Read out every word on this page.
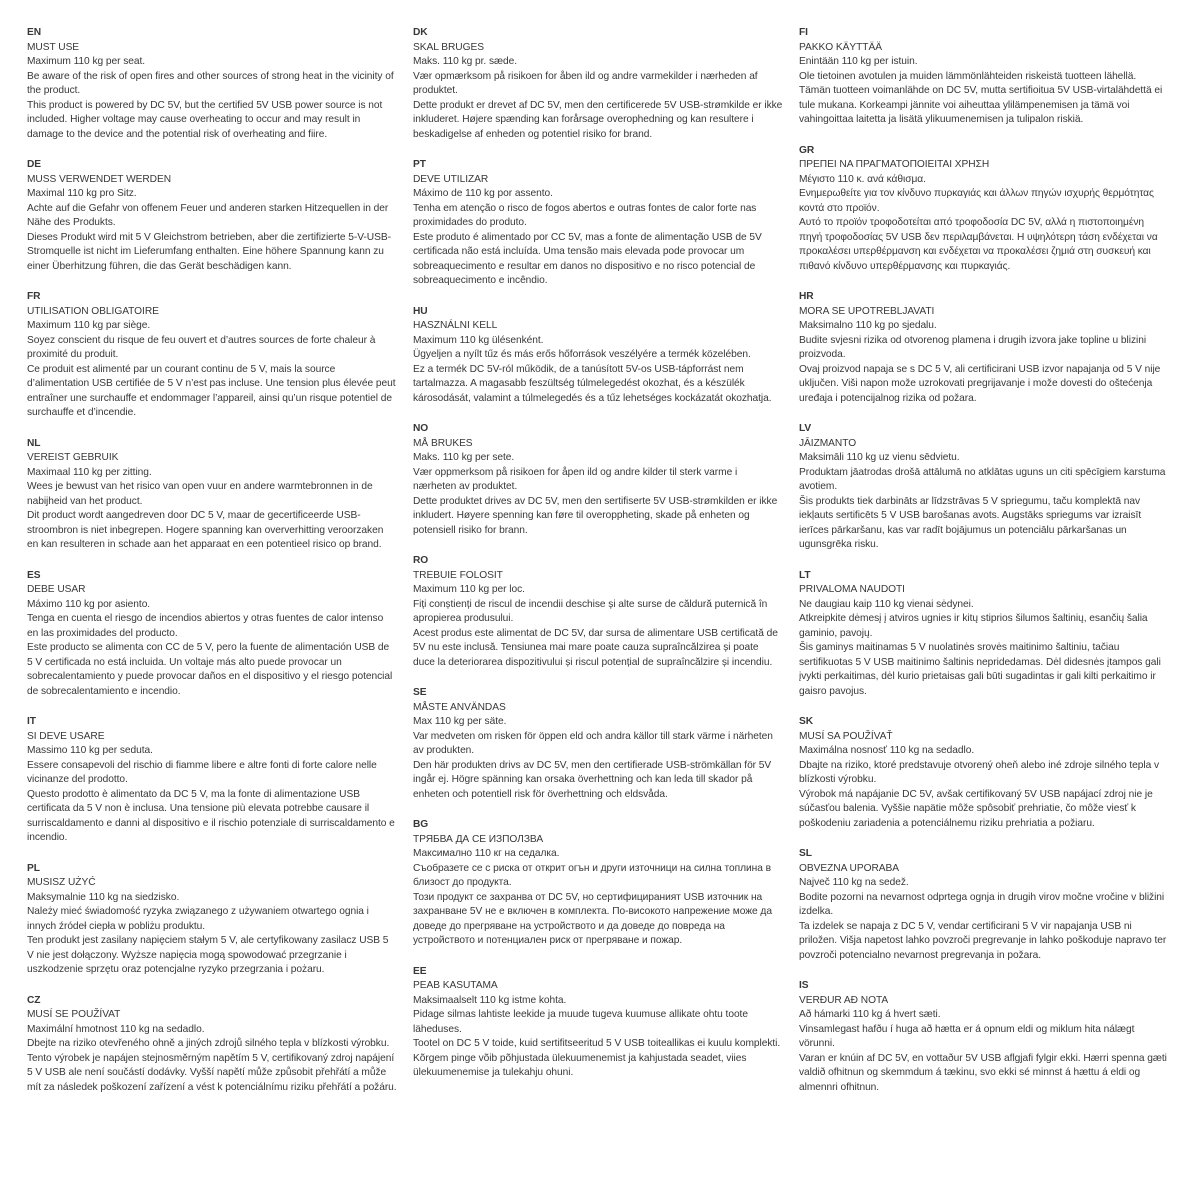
EN
MUST USE

Maximum 110 kg per seat.

Be aware of the risk of open fires and other sources of strong heat in the vicinity of the product.

This product is powered by DC 5V, but the certified 5V USB power source is not included. Higher voltage may cause overheating to occur and may result in damage to the device and the potential risk of overheating and fiire.

DE
MUSS VERWENDET WERDEN

Maximal 110 kg pro Sitz.

Achte auf die Gefahr von offenem Feuer und anderen starken Hitzequellen in der Nähe des Produkts.

Dieses Produkt wird mit 5 V Gleichstrom betrieben, aber die zertifizierte 5-V-USB-Stromquelle ist nicht im Lieferumfang enthalten. Eine höhere Spannung kann zu einer Überhitzung führen, die das Gerät beschädigen kann.

FR
UTILISATION OBLIGATOIRE

Maximum 110 kg par siège.

Soyez conscient du risque de feu ouvert et d’autres sources de forte chaleur à proximité du produit.

Ce produit est alimenté par un courant continu de 5 V, mais la source d’alimentation USB certifiée de 5 V n’est pas incluse. Une tension plus élevée peut entraîner une surchauffe et endommager l’appareil, ainsi qu’un risque potentiel de surchauffe et d’incendie.

NL
VEREIST GEBRUIK

Maximaal 110 kg per zitting.

Wees je bewust van het risico van open vuur en andere warmtebronnen in de nabijheid van het product.

Dit product wordt aangedreven door DC 5 V, maar de gecertificeerde USB-stroombron is niet inbegrepen. Hogere spanning kan oververhitting veroorzaken en kan resulteren in schade aan het apparaat en een potentieel risico op brand.

ES
DEBE USAR

Máximo 110 kg por asiento.

Tenga en cuenta el riesgo de incendios abiertos y otras fuentes de calor intenso en las proximidades del producto.

Este producto se alimenta con CC de 5 V, pero la fuente de alimentación USB de 5 V certificada no está incluida. Un voltaje más alto puede provocar un sobrecalentamiento y puede provocar daños en el dispositivo y el riesgo potencial de sobrecalentamiento e incendio.

IT
SI DEVE USARE

Massimo 110 kg per seduta.

Essere consapevoli del rischio di fiamme libere e altre fonti di forte calore nelle vicinanze del prodotto.

Questo prodotto è alimentato da DC 5 V, ma la fonte di alimentazione USB certificata da 5 V non è inclusa. Una tensione più elevata potrebbe causare il surriscaldamento e danni al dispositivo e il rischio potenziale di surriscaldamento e incendio.

PL
MUSISZ UŻYĆ

Maksymalnie 110 kg na siedzisko.

Należy mieć świadomość ryzyka związanego z używaniem otwartego ognia i innych źródeł ciepła w pobliżu produktu.

Ten produkt jest zasilany napięciem stałym 5 V, ale certyfikowany zasilacz USB 5 V nie jest dołączony. Wyższe napięcia mogą spowodować przegrzanie i uszkodzenie sprzętu oraz potencjalne ryzyko przegrzania i pożaru.

CZ
MUSÍ SE POUŽÍVAT

Maximální hmotnost 110 kg na sedadlo.

Dbejte na riziko otevřeného ohně a jiných zdrojů silného tepla v blízkosti výrobku.

Tento výrobek je napájen stejnosměrným napětím 5 V, certifikovaný zdroj napájení 5 V USB ale není součástí dodávky. Vyšší napětí může způsobit přehřátí a může mít za následek poškození zařízení a vést k potenciálnímu riziku přehřátí a požáru.

DK
SKAL BRUGES

Maks. 110 kg pr. sæde.

Vær opmærksom på risikoen for åben ild og andre varmekilder i nærheden af produktet.

Dette produkt er drevet af DC 5V, men den certificerede 5V USB-strømkilde er ikke inkluderet. Højere spænding kan forårsage overophedning og kan resultere i beskadigelse af enheden og potentiel risiko for brand.

PT
DEVE UTILIZAR

Máximo de 110 kg por assento.

Tenha em atenção o risco de fogos abertos e outras fontes de calor forte nas proximidades do produto.

Este produto é alimentado por CC 5V, mas a fonte de alimentação USB de 5V certificada não está incluída. Uma tensão mais elevada pode provocar um sobreaquecimento e resultar em danos no dispositivo e no risco potencial de sobreaquecimento e incêndio.

HU
HASZNÁLNI KELL

Maximum 110 kg ülésenként.

Ügyeljen a nyílt tűz és más erős hőforrások veszélyére a termék közelében.

Ez a termék DC 5V-ról működik, de a tanúsított 5V-os USB-tápforrást nem tartalmazza. A magasabb feszültség túlmelegedést okozhat, és a készülék károsodását, valamint a túlmelegedés és a tűz lehetséges kockázatát okozhatja.

NO
MÅ BRUKES

Maks. 110 kg per sete.

Vær oppmerksom på risikoen for åpen ild og andre kilder til sterk varme i nærheten av produktet.

Dette produktet drives av DC 5V, men den sertifiserte 5V USB-strømkilden er ikke inkludert. Høyere spenning kan føre til overoppheting, skade på enheten og potensiell risiko for brann.

RO
TREBUIE FOLOSIT

Maximum 110 kg per loc.

Fiți conștienți de riscul de incendii deschise și alte surse de căldură puternică în apropierea produsului.

Acest produs este alimentat de DC 5V, dar sursa de alimentare USB certificată de 5V nu este inclusă. Tensiunea mai mare poate cauza supraîncălzirea și poate duce la deteriorarea dispozitivului și riscul potențial de supraîncălzire și incendiu.

SE
MÅSTE ANVÄNDAS

Max 110 kg per säte.

Var medveten om risken för öppen eld och andra källor till stark värme i närheten av produkten.

Den här produkten drivs av DC 5V, men den certifierade USB-strömkällan för 5V ingår ej. Högre spänning kan orsaka överhettning och kan leda till skador på enheten och potentiell risk för överhettning och eldsvåda.

BG
ТРЯБВА ДА СЕ ИЗПОЛЗВА

Максимално 110 кг на седалка.

Съобразете се с риска от открит огън и други източници на силна топлина в близост до продукта.

Този продукт се захранва от DC 5V, но сертифицираният USB източник на захранване 5V не е включен в комплекта. По-високото напрежение може да доведе до прегряване на устройството и да доведе до повреда на устройството и потенциален риск от прегряване и пожар.

EE
PEAB KASUTAMA

Maksimaalselt 110 kg istme kohta.

Pidage silmas lahtiste leekide ja muude tugeva kuumuse allikate ohtu toote läheduses.

Tootel on DC 5 V toide, kuid sertifitseeritud 5 V USB toiteallikas ei kuulu komplekti. Kõrgem pinge võib põhjustada ülekuumenemist ja kahjustada seadet, viies ülekuumenemise ja tulekahju ohuni.

FI
PAKKO KÄYTTÄÄ

Enintään 110 kg per istuin.

Ole tietoinen avotulen ja muiden lämmönlähteiden riskeistä tuotteen lähellä.

Tämän tuotteen voimanlähde on DC 5V, mutta sertifioitua 5V USB-virtalähdettä ei tule mukana. Korkeampi jännite voi aiheuttaa ylilämpenemisen ja tämä voi vahingoittaa laitetta ja lisätä ylikuumenemisen ja tulipalon riskiä.

GR
ΠΡΕΠΕΙ ΝΑ ΠΡΑΓΜΑΤΟΠΟΙΕΙΤΑΙ ΧΡΗΣΗ

Μέγιστο 110 κ. ανά κάθισμα.

Ενημερωθείτε για τον κίνδυνο πυρκαγιάς και άλλων πηγών ισχυρής θερμότητας κοντά στο προϊόν.

Αυτό το προϊόν τροφοδοτείται από τροφοδοσία DC 5V, αλλά η πιστοποιημένη πηγή τροφοδοσίας 5V USB δεν περιλαμβάνεται. Η υψηλότερη τάση ενδέχεται να προκαλέσει υπερθέρμανση και ενδέχεται να προκαλέσει ζημιά στη συσκευή και πιθανό κίνδυνο υπερθέρμανσης και πυρκαγιάς.

HR
MORA SE UPOTREBLJAVATI

Maksimalno 110 kg po sjedalu.

Budite svjesni rizika od otvorenog plamena i drugih izvora jake topline u blizini proizvoda.

Ovaj proizvod napaja se s DC 5 V, ali certificirani USB izvor napajanja od 5 V nije uključen. Viši napon može uzrokovati pregrijavanje i može dovesti do oštećenja uređaja i potencijalnog rizika od požara.

LV
JĀIZMANTO

Maksimāli 110 kg uz vienu sēdvietu.

Produktam jāatrodas drošā attālumā no atklātas uguns un citi spēcīgiem karstuma avotiem.

Šis produkts tiek darbināts ar līdzstrāvas 5 V spriegumu, taču komplektā nav iekļauts sertificēts 5 V USB barošanas avots. Augstāks spriegums var izraisīt ierīces pārkaršanu, kas var radīt bojājumus un potenciālu pārkaršanas un ugunsgrēka risku.

LT
PRIVALOMA NAUDOTI

Ne daugiau kaip 110 kg vienai sėdynei.

Atkreipkite dėmesį į atviros ugnies ir kitų stiprios šilumos šaltinių, esančių šalia gaminio, pavojų.

Šis gaminys maitinamas 5 V nuolatinės srovės maitinimo šaltiniu, tačiau sertifikuotas 5 V USB maitinimo šaltinis nepridedamas. Dėl didesnės įtampos gali įvykti perkaitimas, dėl kurio prietaisas gali būti sugadintas ir gali kilti perkaitimo ir gaisro pavojus.

SK
MUSÍ SA POUŽÍVAŤ

Maximálna nosnosť 110 kg na sedadlo.

Dbajte na riziko, ktoré predstavuje otvorený oheň alebo iné zdroje silného tepla v blízkosti výrobku.

Výrobok má napájanie DC 5V, avšak certifikovaný 5V USB napájací zdroj nie je súčasťou balenia. Vyššie napätie môže spôsobiť prehriatie, čo môže viesť k poškodeniu zariadenia a potenciálnemu riziku prehriatia a požiaru.

SL
OBVEZNA UPORABA

Največ 110 kg na sedež.

Bodite pozorni na nevarnost odprtega ognja in drugih virov močne vročine v bližini izdelka.

Ta izdelek se napaja z DC 5 V, vendar certificirani 5 V vir napajanja USB ni priložen. Višja napetost lahko povzroči pregrevanje in lahko poškoduje napravo ter povzroči potencialno nevarnost pregrevanja in požara.

IS
VERÐUR AÐ NOTA

Að hámarki 110 kg á hvert sæti.

Vinsamlegast hafðu í huga að hætta er á opnum eldi og miklum hita nálægt vörunni.

Varan er knúin af DC 5V, en vottaður 5V USB aflgjafi fylgir ekki. Hærri spenna gæti valdið ofhitnun og skemmdum á tækinu, svo ekki sé minnst á hættu á eldi og almennri ofhitnun.
